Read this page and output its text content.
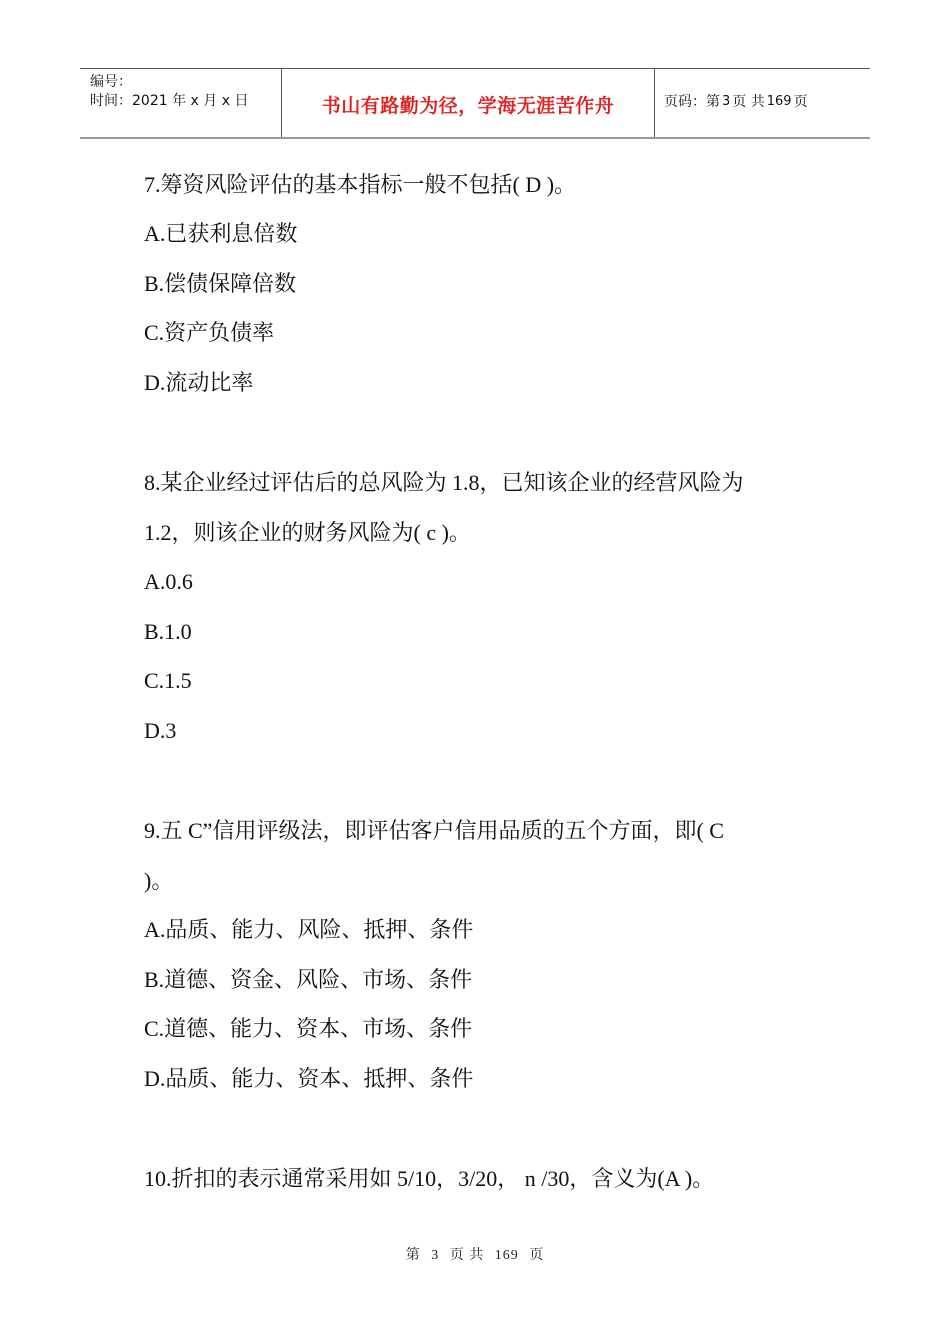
编号：
时间：2021 年 x 月 x 日	书山有路勤为径，学海无涯苦作舟	页码：第 3 页 共 169 页
7.筹资风险评估的基本指标一般不包括( D )。
A.已获利息倍数
B.偿债保障倍数
C.资产负债率
D.流动比率
8.某企业经过评估后的总风险为 1.8，已知该企业的经营风险为
1.2，则该企业的财务风险为( c )。
A.0.6
B.1.0
C.1.5
D.3
9.五 C”信用评级法，即评估客户信用品质的五个方面，即( C
)。
A.品质、能力、风险、抵押、条件
B.道德、资金、风险、市场、条件
C.道德、能力、资本、市场、条件
D.品质、能力、资本、抵押、条件
10.折扣的表示通常采用如 5/10，3/20， n /30，含义为(A )。
第 3 页 共 169 页
